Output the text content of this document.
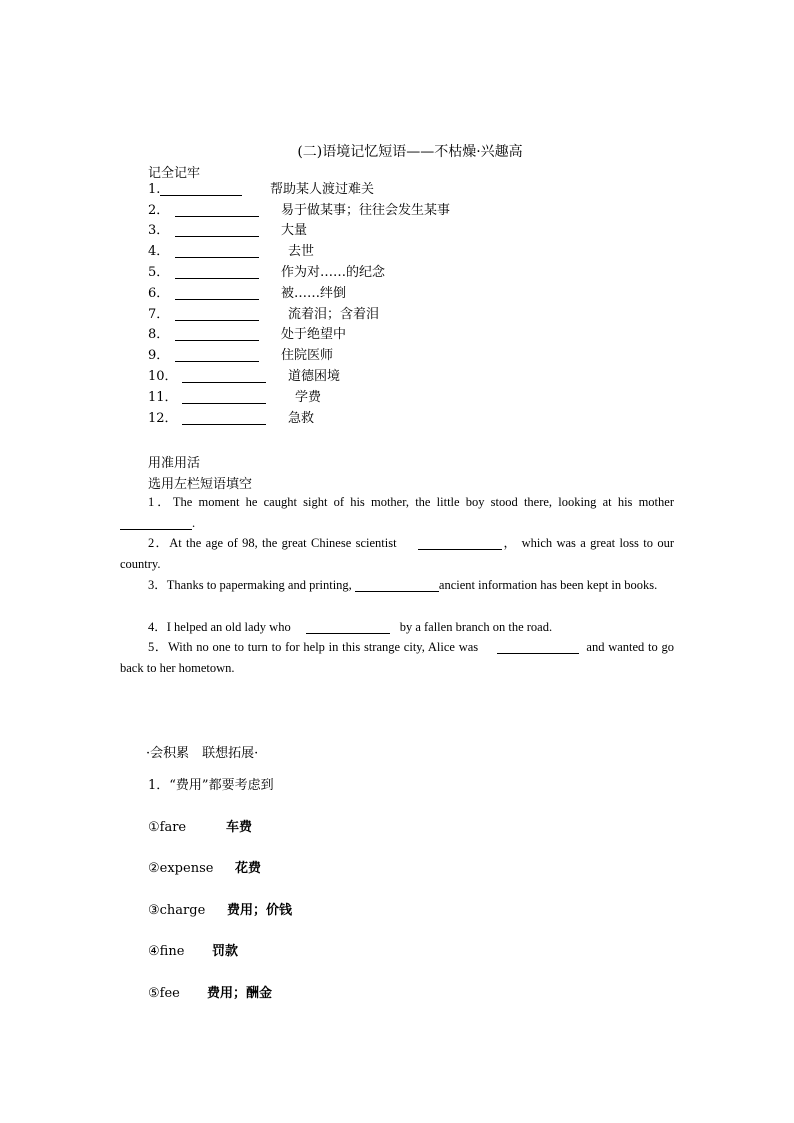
(二)语境记忆短语——不枯燥·兴趣高
记全记牢
1.	帮助某人渡过难关
2．	易于做某事；往往会发生某事
3．	大量
4．	去世
5．	作为对……的纪念
6．	被……绊倒
7．	流着泪；含着泪
8．	处于绝望中
9．	住院医师
10．	道德困境
11．	学费
12．	急救
用准用活
选用左栏短语填空
1．The moment he caught sight of his mother, the little boy stood there, looking at his mother .
2．At the age of 98, the great Chinese scientist	， which was a great loss to our country.
3．Thanks to papermaking and printing,	ancient information has been kept in books.
4．I helped an old lady who	by a fallen branch on the road.
5．With no one to turn to for help in this strange city, Alice was	and wanted to go back to her hometown.
·会积累　联想拓展·
1．“费用”都要考虑到
①fare	车费
②expense 花费
③charge 费用；价钱
④fine 罚款
⑤fee 费用；酬金
